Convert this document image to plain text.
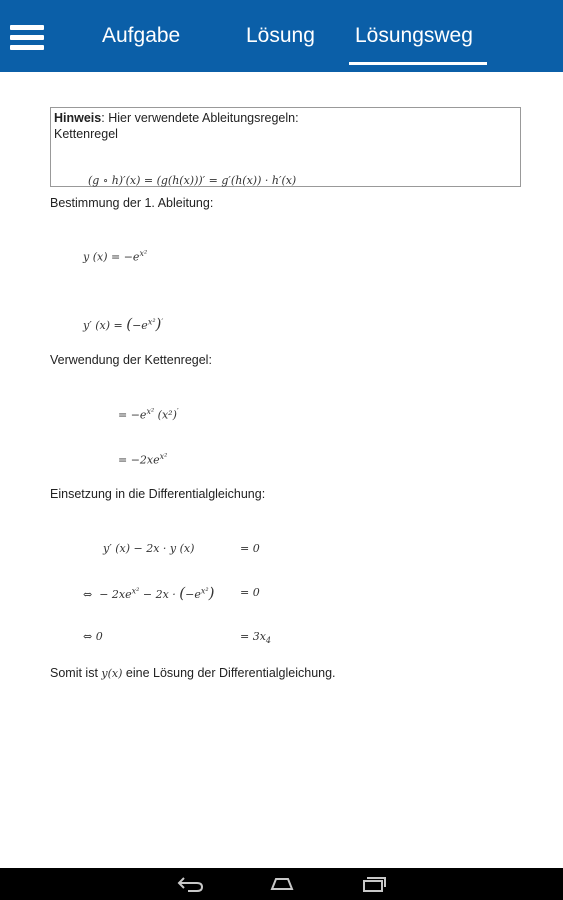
Aufgabe	Lösung Lösungsweg
Hinweis: Hier verwendete Ableitungsregeln:
Kettenregel
(g ∘ h)′(x) = (g(h(x)))′ = g′(h(x)) · h′(x)
Bestimmung der 1. Ableitung:
y $(x) = -e^{x^2}$
y′ $(x) = (-e^{x^2})'$
Verwendung der Kettenregel:
= $-e^{x^2}$ (x²)′
= $-2xe^{x^2}$
Einsetzung in die Differentialgleichung:
y′ (x) − 2x · y (x)	= 0
⇔  − $2xe^{x^2} - 2x \cdot (-e^{x^2}) = 0$
⇔ 0	= $3x_4$
Somit ist y(x) eine Lösung der Differentialgleichung.
